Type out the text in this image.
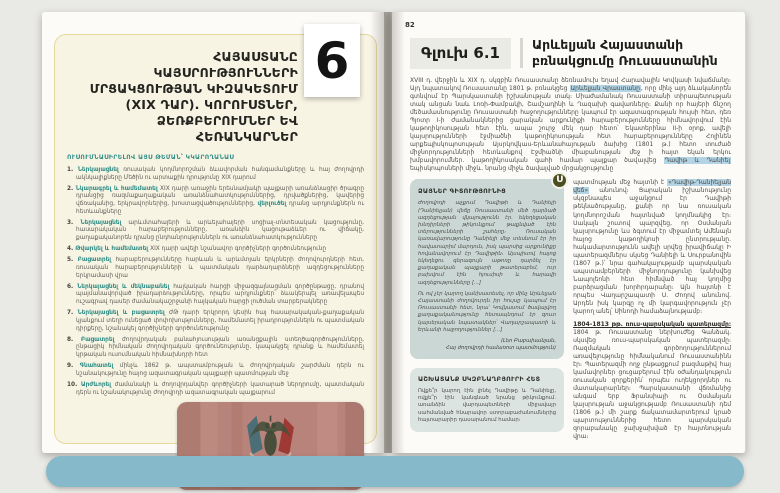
6
ՀԱՅԱՍՏԱՆԸ ԿԱՅՍՐՈՒԹՅՈՒՆՆԵՐԻ
ՄՐՑԱԿՑՈՒԹՅԱՆ ԿԻԶԱԿԵՏՈՒՄ
(XIX ԴԱՐ). ԿՈՐՈՒՍՏՆԵՐ,
ՁԵՌՔԲԵՐՈՒՄՆԵՐ ԵՎ ՀԵՌԱՆԿԱՐՆԵՐ
ՈՒՍՈՒՄՆԱՍԻՐԵԼՈՎ ԱՅՍ ԹԵՄԱՆ՝ ԿԿԱՐՈՂԱՆԱՍ
1. Ներկայացնել ռուսական կողմնորոշման ձևավորման հանգամանքները և հայ ժողովրդի ակնկալիքները Մեծին ու արտաքին դրությունը XIX դարում
2. Նկարագրել և համեմատել XIX դարի առաջին երեսնամյակի պայքարի առանձնացիր ծրագրը դրանցից ռազմաքաղաքական առանձնահատկություններից, դրվածքներից, կավերից վճռականից, երկրավորներից, խոստացվածություններից, վերլուծել դրանց արդյունքներն ու հետևանքները
3. Ներկայացնել արևմտահայերի և արևելահայերի սոցիալ-տնտեսական կացությունը, հասարակական հարաբերությունները, առանձին կացութաձևեր ու վիճակը, քաղաքականորեն դրանց ընդհանրություններն ու առանձնահատկությունները
4. Թվարկել և համեմատել XIX դարի ավելի նշանավոր գործիչների գործունեությունը
5. Բացատրել հարաբերությունները հարևան և արևմտյան երկրների ժողովուրդների հետ, ռուսական հարաբերությունների և պատմական դարձադարձների ազդեցությունները երկրամասի վրա
6. Ներկայացնել և մեկնաբանել հայկական հարցի միջազգայնացման գործընթացը, դրանով պայմանավորված իրադարձությունները, որպես արդյունքներ՝ ձևակերպել առավելապես ուշագրավ դասեր ժամանակաշրջանի հայկական հարցի լուծման տարբերակները
7. Ներկայացնել և բացատրել ԺԹ դարի երկրորդ կեսին հայ հասարակական-քաղաքական կյանքում տեղի ունեցած փոփոխությունները, համեմատել իրադրություններն ու պատմական դիրքերը, նշանակել գործիչների գործունեությունը
8. Բացատրել ժողովրդական բանահյուսության առանցքային ստեղծագործությունները, ընթացիկ հիմնական ժողովրդական գործունեությունը, կապակցել դրանք և համեմատել կրթական ուսումնական հիմնախնդրի հետ
9. Գնահատել մինչև 1862 թ. ապստամբության և ժողովրդական շարժման դերն ու նշանակությունը հայոց ազատագրական պայքարի պատմության մեջ
10. Արժևորել ժամանակի և ժողովրդանվեր գործիչների կատարած ներդրումը, պատմական դերն ու նշանակությունը ժողովրդի ազատագրական պայքարում
82
Գլուխ 6.1	Արևելյան Հայաստանի
բռնակցումը Ռուսաստանին

XVIII դ. վերջին և XIX դ. սկզբին Ռուսաստանը ձեռնամուխ եղավ Հարավային Կովկասի նվաճմանը։ Այդ նպատակով Ռուսաստանը 1801 թ. բռնակցեց Արևելյան Վրաստանը, որը մինչ այդ ձևականորեն գտնվում էր Պարսկաստանի իշխանության տակ։ Միաժամանակ Ռուսաստանի տիրապետության տակ անցան նաև Լոռի-Փամբակի, Շամշադինի և Ղազախի գավառները։ Քանի որ հայերի ճնշող մեծամասնությունը Ռուսաստանի հաջողությունները կապում էր ազատագրության հույսի հետ, դեռ Պյոտր I-ի ժամանակներից ցարական արքունիքի հարաբերությունները հիմնավորվում էին կաթողիկոսության հետ էին, ապա շուրջ մեկ դար հետո՝ Եկատերինա II-ի օրոք, ավելի կայսրությունների էջմիածնի կաթողիկոսության հետ հարաբերությունները Հոլինեն արքեպիսկոպոսության Այսրկովկաս-Երևանահայության ձախից (1801 թ.) հետո տուժած միջնորդությունների հետևանքով Էջմիածնի միաբանության մեջ ի հայտ եկան երկու խմբավորումներ. կաթողիկոսական գահի համար պայքար ծավալվեց Դավիթ և Դանիել եպիսկոպոսների միջև. նրանց միջև ծավալված մրցակցությունը

Ս
ՁԱՅՆԵՐ ԳԻՏՈՒԹՅՈՒՆԻՑ

Ժողովրդի աչքում Դավիթի և Դանիելի (Դանիելյան) վեճը Ռուսաստանի մեծ դարձած ազդեցության վկայությունն էր. եկեղեցական խնդիրների թիկունքում թաքնված էին տերությունների շահերը։ Ռուսական կառավարությունը Դանիելի մեջ տեսնում էր իր հավատարիմ մարդուն, իսկ պարսից արքունիքը հովանավորում էր Դավիթին։ Այսպիսով հայոց եկեղեցու գերագույն աթոռը դարձել էր քաղաքական պայքարի թատերաբեմ, ուր բախվում էին հյուսիսի և հարավի ազդեցությունները [...]

Ու ով չէր կարող կանխատեսել, որ մինչ Արևելյան Հայաստանի ժողովուրդն իր հույսը կապում էր Ռուսաստանի հետ, նրա՝ Կովկասում ծավալվող քաղաքականությունը հետապնդում էր զուտ կայսերական նպատակներ՝ Վաղարշապատի և Երևանի հաջողություններ [...]

(Լեո Բաբախանյան,
Հայ ժողովրդի համառոտ պատմություն)
ԱՇԽԱՏԱՆՔ ՍԿԶԲՆԱՂԲՅՈՒՐԻ ՀԵՏ

Ովքե՞ր կարող էին լինել Դավիթը և Դանիելը, ովքե՞ր էին կանգնած նրանց թիկունքում. առանձին վարդապետների միջավայր սահմանված հնարավոր ստորաբաժանումներից հայտարարիր դասարանում համար։

պատմության մեջ հայտնի է «Դավիթ-Դանիելյան վեճ» անունով։ Ցարական իշխանությունը սկզբնապես աջակցում էր Դավիթի թեկնածությանը, քանի որ նա ռուսական կողմնորոշման հայտնված կողմնակից էր։ Սակայն շուտով պարզվեց, որ Օսմանյան կայսրությունը ևս ձգտում էր միջամտել Ամենայն հայոց կաթողիկոսի ընտրությանը. հակամարտությունն ավելի սրվեց իրավիճակը Ի պատերազմներս սկսեց Դանիելի և Սուրբանովին (1807 թ.)՝ նրա գահակալությամբ պարսկական ապստամբերների միջնորդությունը կանխվեց Նապոլեոնի հետ հիմնված հայ կողմից բարձրացման խորհրդարանը։ Այն հայտնի է որպես Վաղարշապատի Ս. Ժողով անունով. Արդեն իսկ կարգը ոչ մի կարգավորություն չէր կարող անել՝ Սինոդի համաձայնությամբ։

1804-1813 թթ. ռուս-պարսկական պատերազմը։ 1804 թ. Ռուսաստանը ներխուժեց Գանձակ. սկսվեց ռուս-պարսկական պատերազմը։ Ռազմական գործողություններում առավելությունը հիմնականում Ռուսաստանինն էր։ Պատերազմի ողջ ընթացքում բազմաթիվ հայ կամավորներ ցուցաբերում էին օժանդակություն ռուսական զորքերին՝ որպես ուղեկցորդներ ու մատակարարներ։ Պարսկաստանի վճռմանից անգամ երբ Ֆրանսիայի ու Օսմանյան կայսրության աջակցությամբ Ռուսաստանի դեմ (1806 թ.) մի շարք ճակատամարտերում կրած պարտություններից հետո պարսկական զորաբանակը ջախջախված էր հայտնության վրա։
